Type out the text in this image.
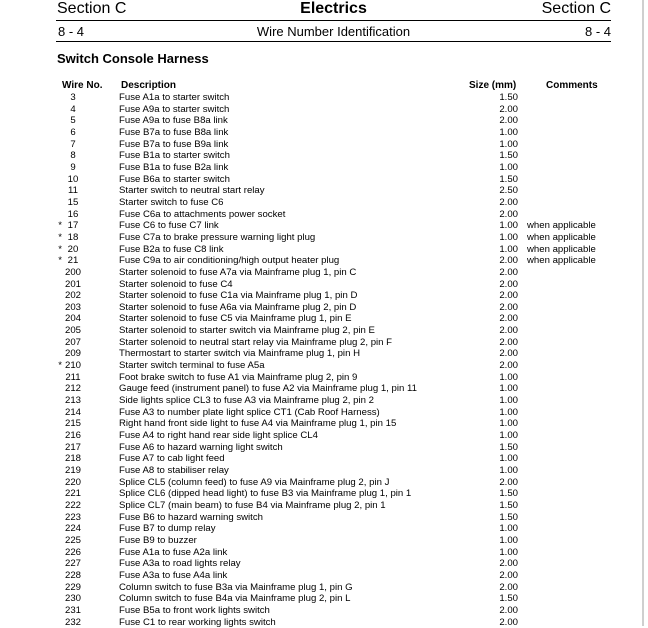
Electrics
Section C	Section C
Wire Number Identification
8 - 4	8 - 4
Switch Console Harness
Wire No. Description	Size (mm)	Comments
3	Fuse A1a to starter switch	1.50
4	Fuse A9a to starter switch	2.00
5	Fuse A9a to fuse B8a link	2.00
6	Fuse B7a to fuse B8a link	1.00
7	Fuse B7a to fuse B9a link	1.00
8	Fuse B1a to starter switch	1.50
9	Fuse B1a to fuse B2a link	1.00
10	Fuse B6a to starter switch	1.50
11	Starter switch to neutral start relay	2.50
15	Starter switch to fuse C6	2.00
16	Fuse C6a to attachments power socket	2.00
* 17	Fuse C6 to fuse C7 link	1.00 when applicable
* 18	Fuse C7a to brake pressure warning light plug	1.00 when applicable
* 20	Fuse B2a to fuse C8 link	1.00 when applicable
* 21	Fuse C9a to air conditioning/high output heater plug	2.00 when applicable
200	Starter solenoid to fuse A7a via Mainframe plug 1, pin C	2.00
201	Starter solenoid to fuse C4	2.00
202	Starter solenoid to fuse C1a via Mainframe plug 1, pin D	2.00
203	Starter solenoid to fuse A6a via Mainframe plug 2, pin D	2.00
204	Starter solenoid to fuse C5 via Mainframe plug 1, pin E	2.00
205	Starter solenoid to starter switch via Mainframe plug 2, pin E	2.00
207	Starter solenoid to neutral start relay via Mainframe plug 2, pin F	2.00
209	Thermostart to starter switch via Mainframe plug 1, pin H	2.00
* 210	Starter switch terminal to fuse A5a	2.00
211	Foot brake switch to fuse A1 via Mainframe plug 2, pin 9	1.00
212	Gauge feed (instrument panel) to fuse A2 via Mainframe plug 1, pin 11	1.00
213	Side lights splice CL3 to fuse A3 via Mainframe plug 2, pin 2	1.00
214	Fuse A3 to number plate light splice CT1 (Cab Roof Harness)	1.00
215	Right hand front side light to fuse A4 via Mainframe plug 1, pin 15	1.00
216	Fuse A4 to right hand rear side light splice CL4	1.00
217	Fuse A6 to hazard warning light switch	1.50
218	Fuse A7 to cab light feed	1.00
219	Fuse A8 to stabiliser relay	1.00
220	Splice CL5 (column feed) to fuse A9 via Mainframe plug 2, pin J	2.00
221	Splice CL6 (dipped head light) to fuse B3 via Mainframe plug 1, pin 1	1.50
222	Splice CL7 (main beam) to fuse B4 via Mainframe plug 2, pin 1	1.50
223	Fuse B6 to hazard warning switch	1.50
224	Fuse B7 to dump relay	1.00
225	Fuse B9 to buzzer	1.00
226	Fuse A1a to fuse A2a link	1.00
227	Fuse A3a to road lights relay	2.00
228	Fuse A3a to fuse A4a link	2.00
229	Column switch to fuse B3a via Mainframe plug 1, pin G	2.00
230	Column switch to fuse B4a via Mainframe plug 2, pin L	1.50
231	Fuse B5a to front work lights switch	2.00
232	Fuse C1 to rear working lights switch	2.00
